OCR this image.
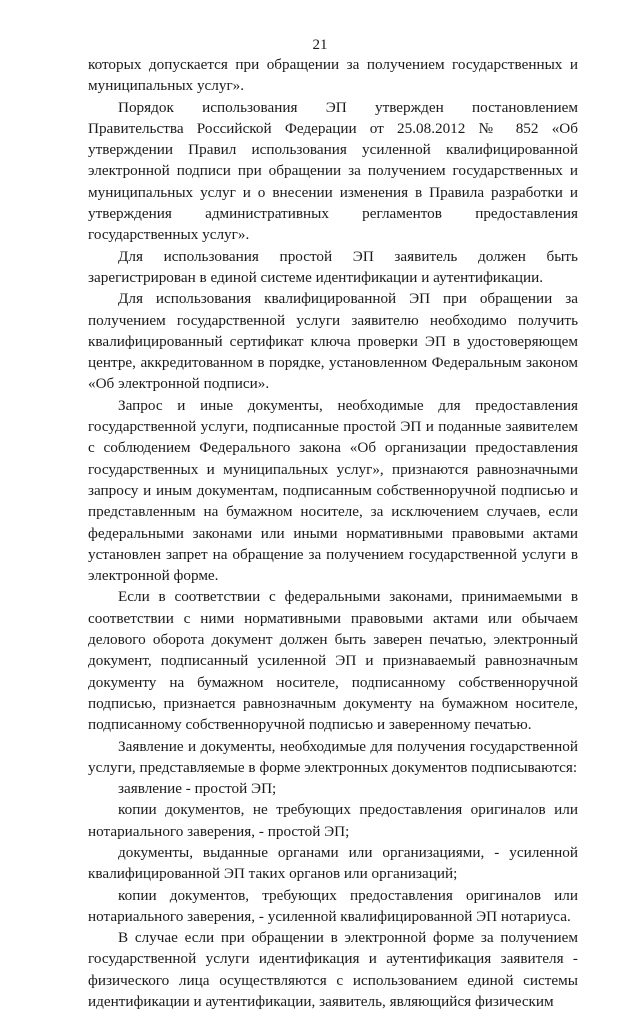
21

которых допускается при обращении за получением государственных и муниципальных услуг».

Порядок использования ЭП утвержден постановлением Правительства Российской Федерации от 25.08.2012 № 852 «Об утверждении Правил использования усиленной квалифицированной электронной подписи при обращении за получением государственных и муниципальных услуг и о внесении изменения в Правила разработки и утверждения административных регламентов предоставления государственных услуг».

Для использования простой ЭП заявитель должен быть зарегистрирован в единой системе идентификации и аутентификации.

Для использования квалифицированной ЭП при обращении за получением государственной услуги заявителю необходимо получить квалифицированный сертификат ключа проверки ЭП в удостоверяющем центре, аккредитованном в порядке, установленном Федеральным законом «Об электронной подписи».

Запрос и иные документы, необходимые для предоставления государственной услуги, подписанные простой ЭП и поданные заявителем с соблюдением Федерального закона «Об организации предоставления государственных и муниципальных услуг», признаются равнозначными запросу и иным документам, подписанным собственноручной подписью и представленным на бумажном носителе, за исключением случаев, если федеральными законами или иными нормативными правовыми актами установлен запрет на обращение за получением государственной услуги в электронной форме.

Если в соответствии с федеральными законами, принимаемыми в соответствии с ними нормативными правовыми актами или обычаем делового оборота документ должен быть заверен печатью, электронный документ, подписанный усиленной ЭП и признаваемый равнозначным документу на бумажном носителе, подписанному собственноручной подписью, признается равнозначным документу на бумажном носителе, подписанному собственноручной подписью и заверенному печатью.

Заявление и документы, необходимые для получения государственной услуги, представляемые в форме электронных документов подписываются:

заявление - простой ЭП;

копии документов, не требующих предоставления оригиналов или нотариального заверения, - простой ЭП;

документы, выданные органами или организациями, - усиленной квалифицированной ЭП таких органов или организаций;

копии документов, требующих предоставления оригиналов или нотариального заверения, - усиленной квалифицированной ЭП нотариуса.

В случае если при обращении в электронной форме за получением государственной услуги идентификация и аутентификация заявителя - физического лица осуществляются с использованием единой системы идентификации и аутентификации, заявитель, являющийся физическим
